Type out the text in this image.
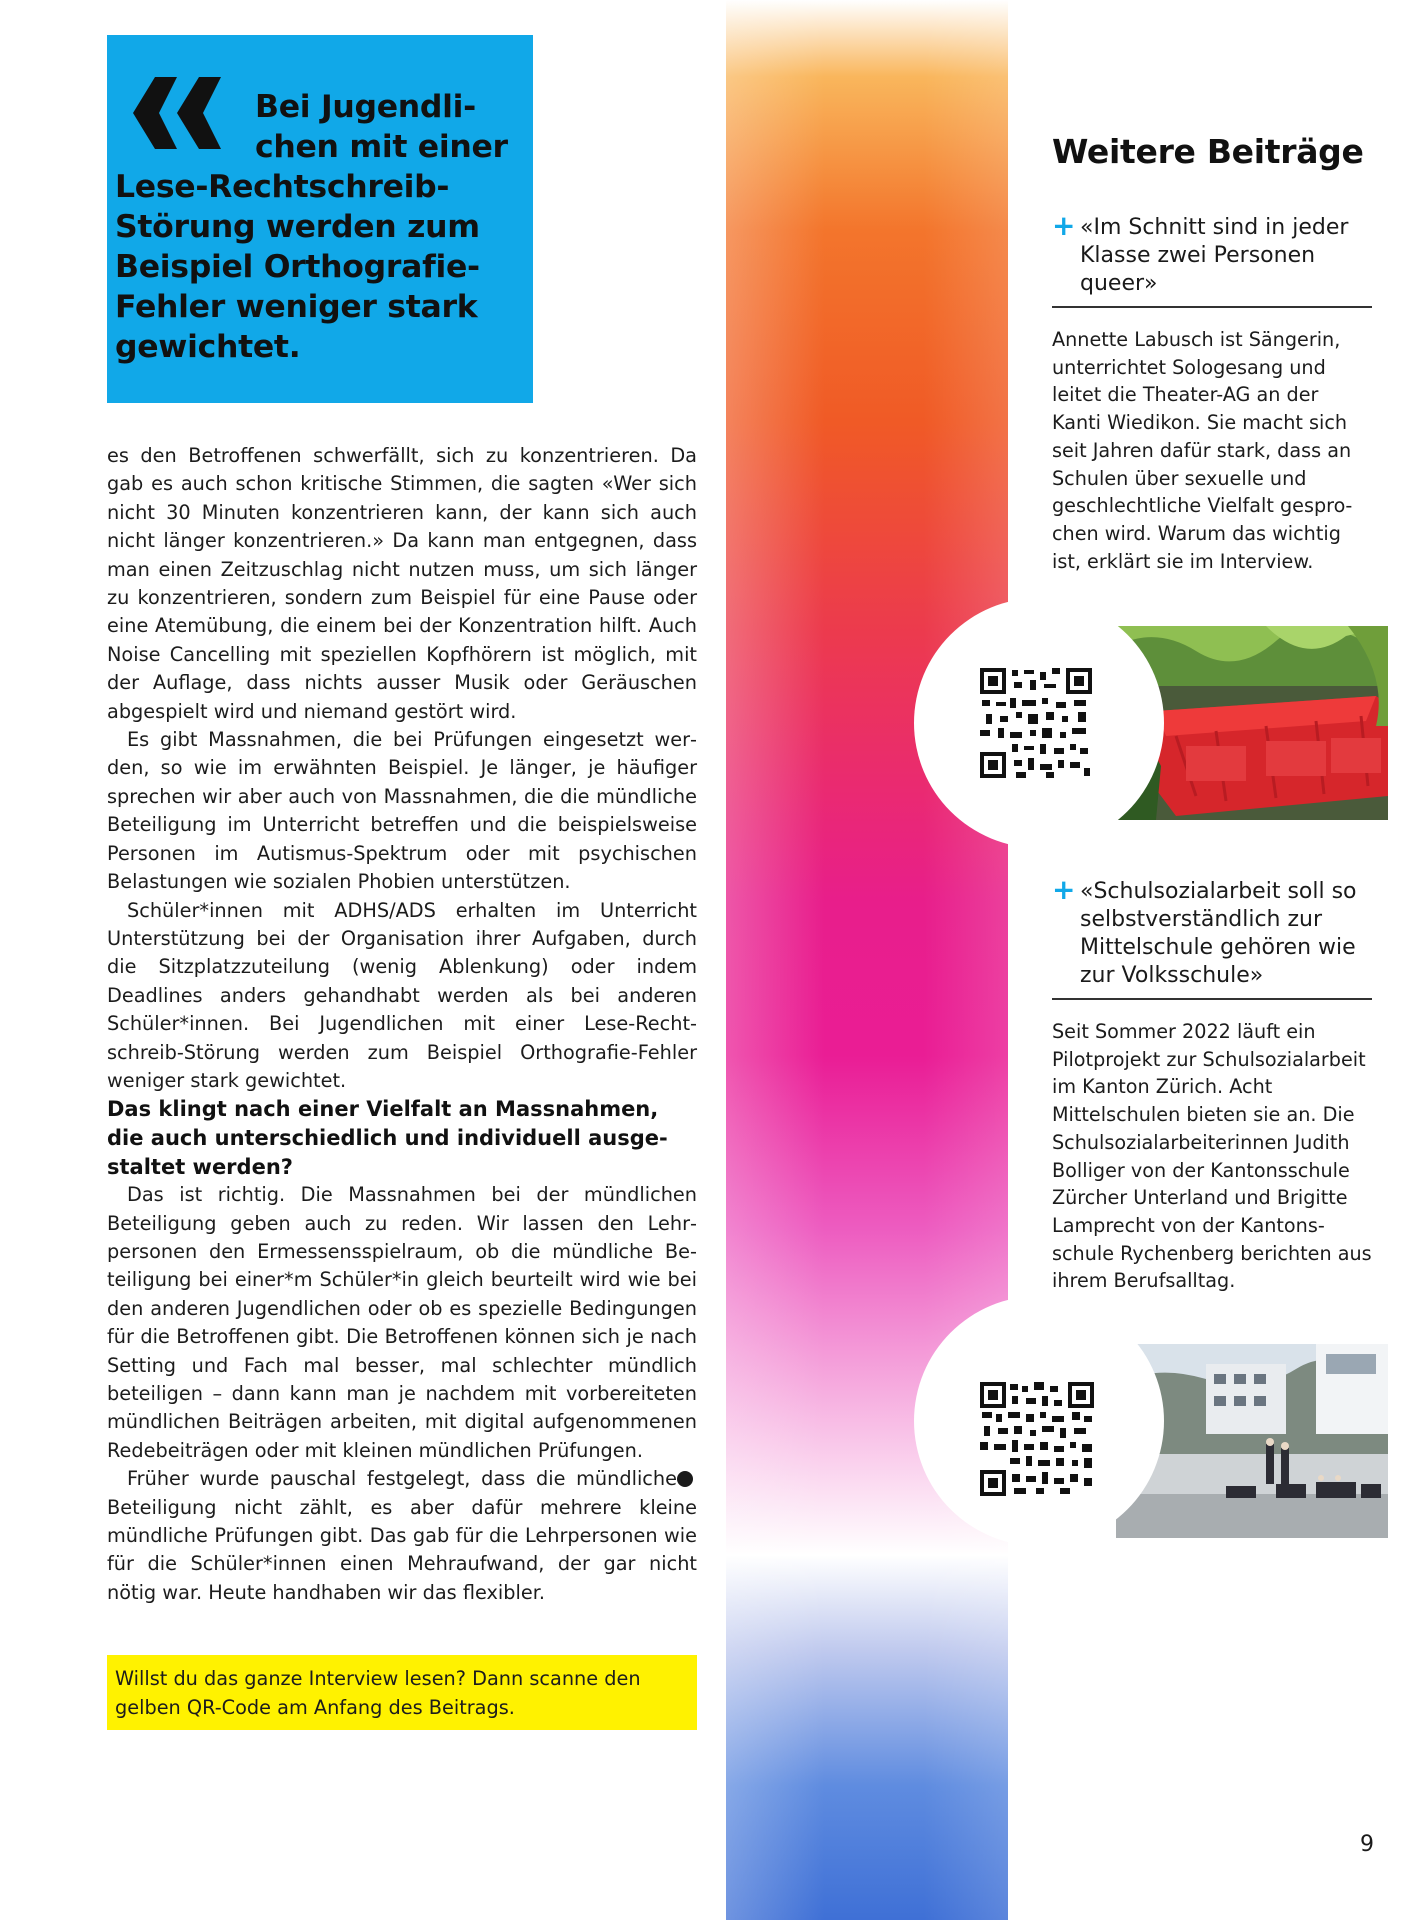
Bei Jugendli-
chen mit einer
Lese-Rechtschreib-
Störung werden zum
Beispiel Orthografie-
Fehler weniger stark
gewichtet.

es den Betroffenen schwerfällt, sich zu konzentrieren. Da gab es auch schon kritische Stimmen, die sagten «Wer sich nicht 30 Minuten konzentrieren kann, der kann sich auch nicht länger konzentrieren.» Da kann man entgegnen, dass man einen Zeitzuschlag nicht nutzen muss, um sich länger zu konzentrieren, sondern zum Beispiel für eine Pause oder eine Atemübung, die einem bei der Konzentration hilft. Auch Noise Cancelling mit speziellen Kopfhörern ist möglich, mit der Auflage, dass nichts ausser Musik oder Geräuschen abgespielt wird und niemand gestört wird.

Es gibt Massnahmen, die bei Prüfungen eingesetzt werden, so wie im erwähnten Beispiel. Je länger, je häufiger sprechen wir aber auch von Massnahmen, die die mündliche Beteiligung im Unterricht betreffen und die beispielsweise Personen im Autismus-Spektrum oder mit psychischen Belastungen wie sozialen Phobien unterstützen.

Schüler*innen mit ADHS/ADS erhalten im Unterricht Unterstützung bei der Organisation ihrer Aufgaben, durch die Sitzplatzzuteilung (wenig Ablenkung) oder indem Deadlines anders gehandhabt werden als bei anderen Schüler*innen. Bei Jugendlichen mit einer Lese-Rechtschreib-Störung werden zum Beispiel Orthografie-Fehler weniger stark gewichtet.

Das klingt nach einer Vielfalt an Massnahmen, die auch unterschiedlich und individuell ausgestaltet werden?

Das ist richtig. Die Massnahmen bei der mündlichen Beteiligung geben auch zu reden. Wir lassen den Lehrpersonen den Ermessensspielraum, ob die mündliche Beteiligung bei einer*m Schüler*in gleich beurteilt wird wie bei den anderen Jugendlichen oder ob es spezielle Bedingungen für die Betroffenen gibt. Die Betroffenen können sich je nach Setting und Fach mal besser, mal schlechter mündlich beteiligen – dann kann man je nachdem mit vorbereiteten mündlichen Beiträgen arbeiten, mit digital aufgenommenen Redebeiträgen oder mit kleinen mündlichen Prüfungen.

×
Früher wurde pauschal festgelegt, dass die mündliche Beteiligung nicht zählt, es aber dafür mehrere kleine mündliche Prüfungen gibt. Das gab für die Lehrpersonen wie für die Schüler*innen einen Mehraufwand, der gar nicht nötig war. Heute handhaben wir das flexibler.

Willst du das ganze Interview lesen? Dann scanne den gelben QR-Code am Anfang des Beitrags.
Weitere Beiträge
+ «Im Schnitt sind in jeder Klasse zwei Personen queer»
Annette Labusch ist Sängerin, unterrichtet Sologesang und leitet die Theater-AG an der Kanti Wiedikon. Sie macht sich seit Jahren dafür stark, dass an Schulen über sexuelle und geschlechtliche Vielfalt gesprochen wird. Warum das wichtig ist, erklärt sie im Interview.
+ «Schulsozialarbeit soll so selbstverständlich zur Mittelschule gehören wie zur Volksschule»
Seit Sommer 2022 läuft ein Pilotprojekt zur Schulsozialarbeit im Kanton Zürich. Acht Mittelschulen bieten sie an. Die Schulsozialarbeiterinnen Judith Bolliger von der Kantonsschule Zürcher Unterland und Brigitte Lamprecht von der Kantonsschule Rychenberg berichten aus ihrem Berufsalltag.
9
